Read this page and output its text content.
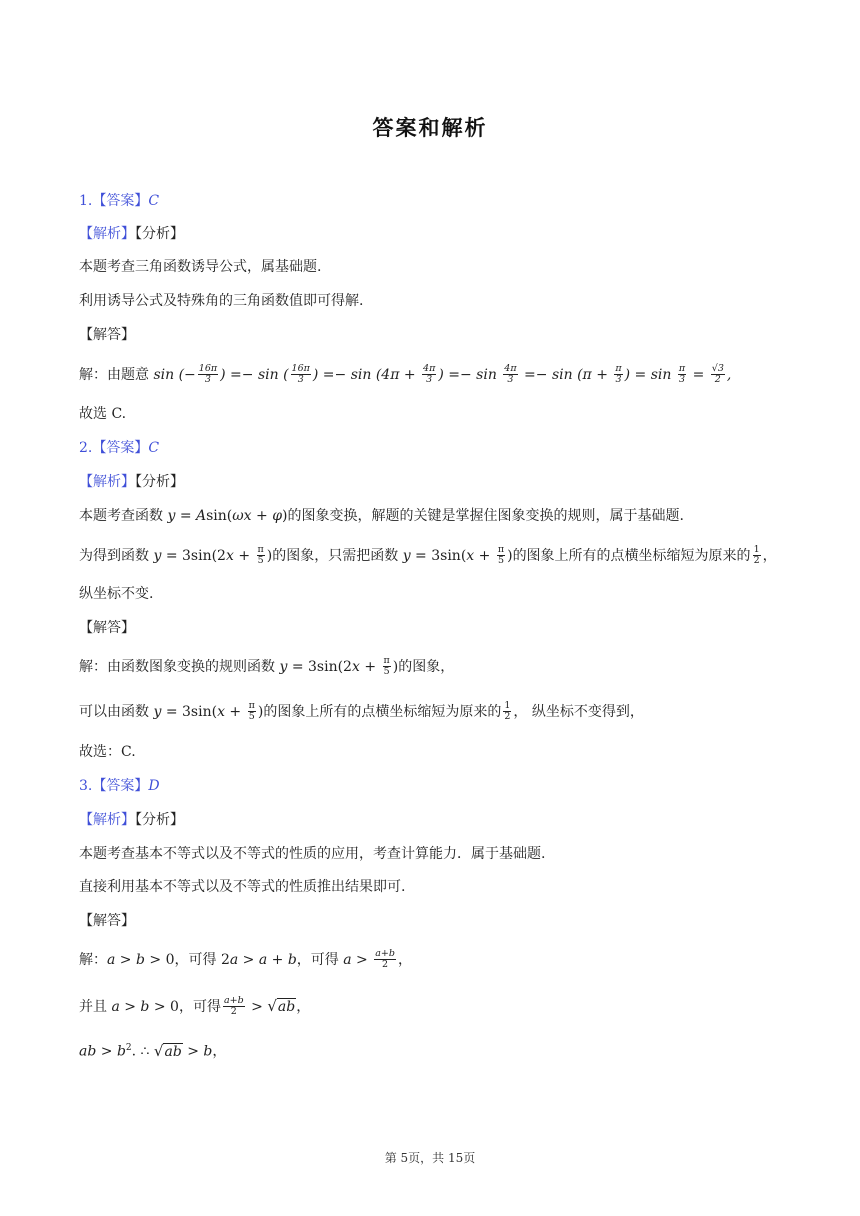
答案和解析
1.【答案】C
【解析】【分析】
本题考查三角函数诱导公式，属基础题.
利用诱导公式及特殊角的三角函数值即可得解.
【解答】
解：由题意 sin (− $\frac{16\pi}{3}$ ) =− sin ( $\frac{16\pi}{3}$ ) =− $\sin (4\pi + \frac{4\pi}{3}$ ) =− $\sin \frac{4\pi}{3} =- \sin (\pi + \frac{\pi}{3}$ ) = $\sin \frac{\pi}{3} = \frac{√3}{2}$ ,
故选 C.
2.【答案】C
【解析】【分析】
本题考查函数 y = Asin(ωx + φ)的图象变换，解题的关键是掌握住图象变换的规则，属于基础题.
为得到函数 $y = 3\sin(2x + \frac{\pi}{5}$ )的图象，只需把函数 $y = 3\sin(x + \frac{\pi}{5}$ )的图象上所有的点横坐标缩短为原来的 $\frac{1}{2}$ ，
纵坐标不变.
【解答】
解：由函数图象变换的规则函数 $y = 3\sin(2x + \frac{\pi}{5}$ )的图象，
可以由函数 $y = 3\sin(x + \frac{\pi}{5}$ )的图象上所有的点横坐标缩短为原来的 $\frac{1}{2}$ ， 纵坐标不变得到，
故选：C.
3.【答案】D
【解析】【分析】
本题考查基本不等式以及不等式的性质的应用，考查计算能力．属于基础题.
直接利用基本不等式以及不等式的性质推出结果即可.
【解答】
解：a > b > 0，可得 2a > a + b，可得 $a > \frac{a+b}{2}$ ，
并且 a > b > 0，可得 $\frac{a+b}{2} > √ab$，
ab > $b^2$. ∴ √ab > b，
第 5页，共 15页
